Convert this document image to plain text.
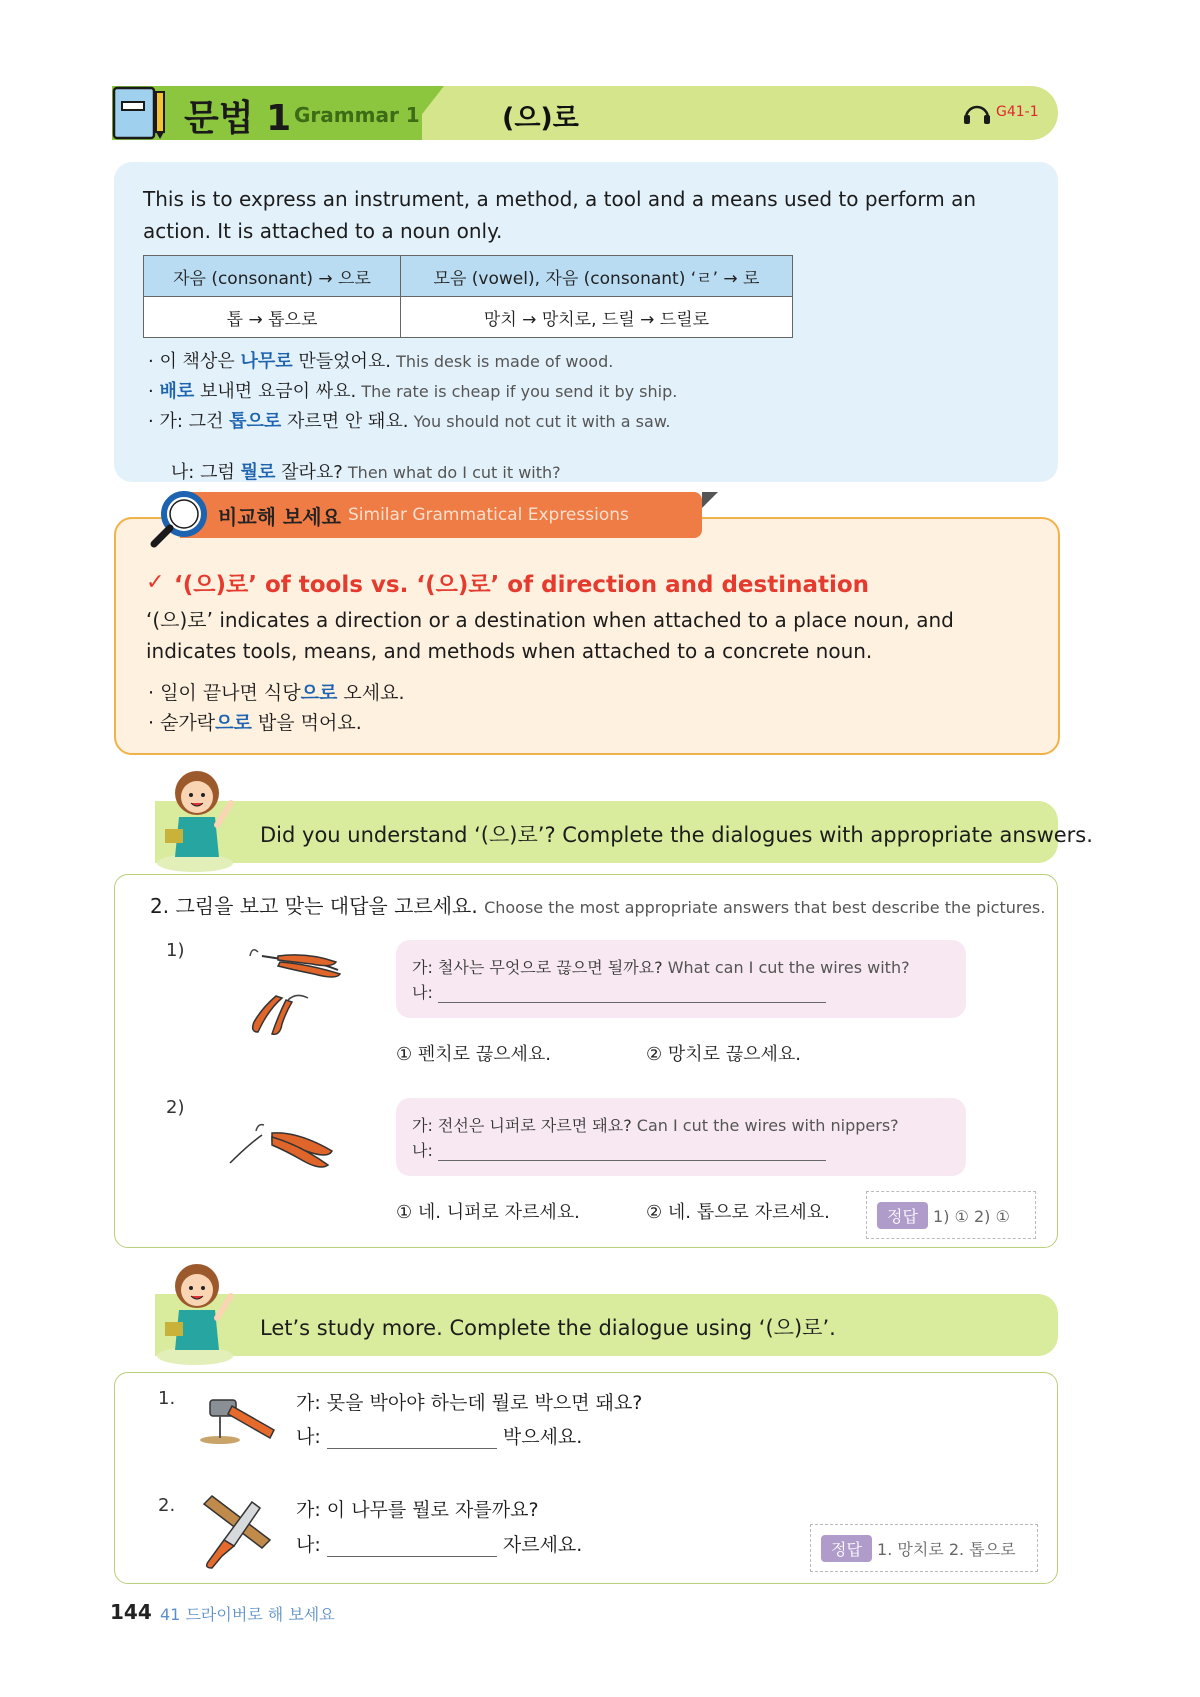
문법 1 Grammar 1	(으)로	G41-1
This is to express an instrument, a method, a tool and a means used to perform an action. It is attached to a noun only.
자음 (consonant) → 으로	모음 (vowel), 자음 (consonant) ‘ㄹ’ → 로
톱 → 톱으로	망치 → 망치로, 드릴 → 드릴로
· 이 책상은 나무로 만들었어요. This desk is made of wood.
· 배로 보내면 요금이 싸요. The rate is cheap if you send it by ship.
· 가: 그건 톱으로 자르면 안 돼요. You should not cut it with a saw.

나: 그럼 뭘로 잘라요? Then what do I cut it with?

비교해 보세요 Similar Grammatical Expressions
✓ ‘(으)로’ of tools vs. ‘(으)로’ of direction and destination
‘(으)로’ indicates a direction or a destination when attached to a place noun, and indicates tools, means, and methods when attached to a concrete noun.
· 일이 끝나면 식당으로 오세요.
· 숟가락으로 밥을 먹어요.
Did you understand ‘(으)로’? Complete the dialogues with appropriate answers.
2. 그림을 보고 맞는 대답을 고르세요. Choose the most appropriate answers that best describe the pictures.
1)
가: 철사는 무엇으로 끊으면 될까요? What can I cut the wires with?
나:
① 펜치로 끊으세요.	② 망치로 끊으세요.
2)
가: 전선은 니퍼로 자르면 돼요? Can I cut the wires with nippers?
나:
① 네. 니퍼로 자르세요.	② 네. 톱으로 자르세요.	정답 1) ① 2) ①
Let’s study more. Complete the dialogue using ‘(으)로’.
1.	가: 못을 박아야 하는데 뭘로 박으면 돼요?
나:	박으세요.
2.	가: 이 나무를 뭘로 자를까요?
나:	자르세요.	정답 1. 망치로 2. 톱으로
144 41 드라이버로 해 보세요
